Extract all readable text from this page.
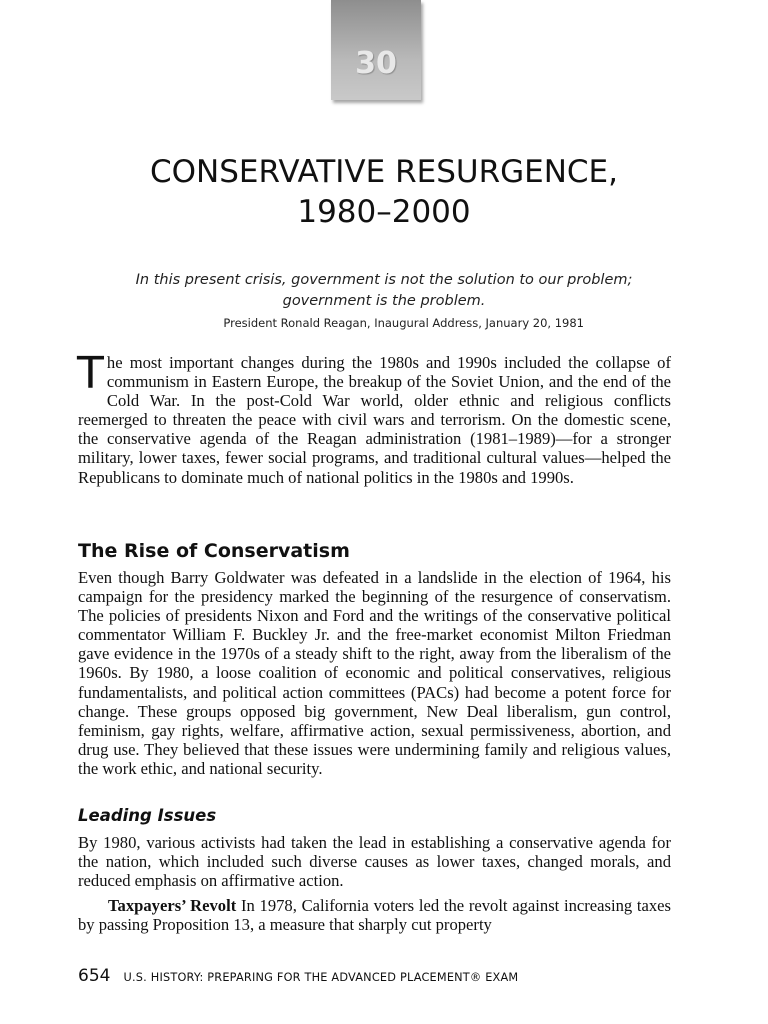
30
CONSERVATIVE RESURGENCE,
1980–2000
In this present crisis, government is not the solution to our problem;
government is the problem.
President Ronald Reagan, Inaugural Address, January 20, 1981

The most important changes during the 1980s and 1990s included the collapse of communism in Eastern Europe, the breakup of the Soviet Union, and the end of the Cold War. In the post-Cold War world, older ethnic and religious conflicts reemerged to threaten the peace with civil wars and terrorism. On the domestic scene, the conservative agenda of the Reagan administration (1981–1989)—for a stronger military, lower taxes, fewer social programs, and traditional cultural values—helped the Republicans to dominate much of national politics in the 1980s and 1990s.

The Rise of Conservatism

Even though Barry Goldwater was defeated in a landslide in the election of 1964, his campaign for the presidency marked the beginning of the resurgence of conservatism. The policies of presidents Nixon and Ford and the writings of the conservative political commentator William F. Buckley Jr. and the free-market economist Milton Friedman gave evidence in the 1970s of a steady shift to the right, away from the liberalism of the 1960s. By 1980, a loose coalition of economic and political conservatives, religious fundamentalists, and political action committees (PACs) had become a potent force for change. These groups opposed big government, New Deal liberalism, gun control, feminism, gay rights, welfare, affirmative action, sexual permissiveness, abortion, and drug use. They believed that these issues were undermining family and religious values, the work ethic, and national security.

Leading Issues

By 1980, various activists had taken the lead in establishing a conservative agenda for the nation, which included such diverse causes as lower taxes, changed morals, and reduced emphasis on affirmative action.

Taxpayers’ Revolt In 1978, California voters led the revolt against increasing taxes by passing Proposition 13, a measure that sharply cut property

654 U.S. HISTORY: PREPARING FOR THE ADVANCED PLACEMENT® EXAM
